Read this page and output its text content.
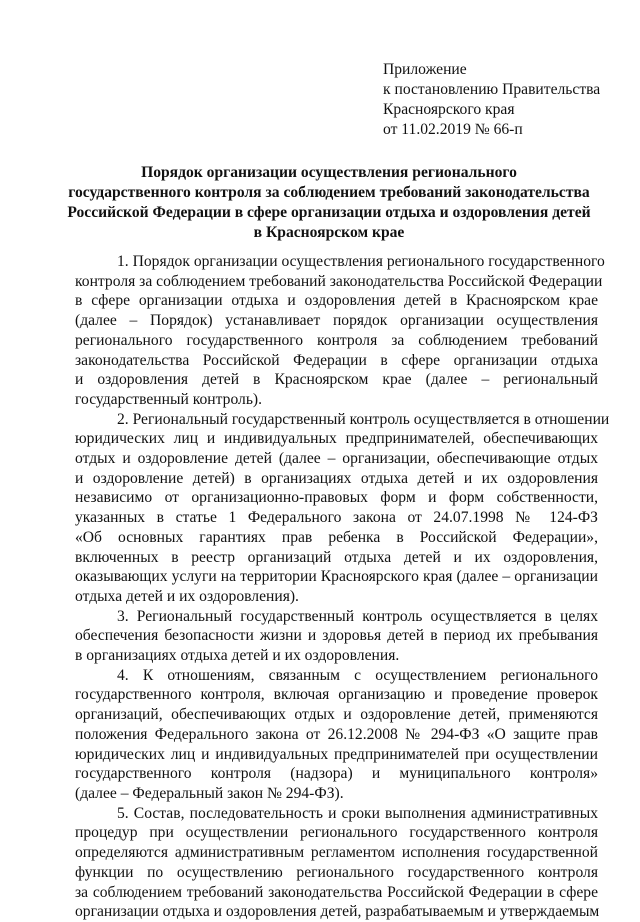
Приложение
к постановлению Правительства
Красноярского края
от 11.02.2019 № 66-п
Порядок организации осуществления регионального
государственного контроля за соблюдением требований законодательства
Российской Федерации в сфере организации отдыха и оздоровления детей
в Красноярском крае
1. Порядок организации осуществления регионального государственного
контроля за соблюдением требований законодательства Российской Федерации
в сфере организации отдыха и оздоровления детей в Красноярском крае
(далее – Порядок) устанавливает порядок организации осуществления
регионального государственного контроля за соблюдением требований
законодательства Российской Федерации в сфере организации отдыха
и оздоровления детей в Красноярском крае (далее – региональный
государственный контроль).
2. Региональный государственный контроль осуществляется в отношении
юридических лиц и индивидуальных предпринимателей, обеспечивающих
отдых и оздоровление детей (далее – организации, обеспечивающие отдых
и оздоровление детей) в организациях отдыха детей и их оздоровления
независимо от организационно-правовых форм и форм собственности,
указанных в статье 1 Федерального закона от 24.07.1998 № 124-ФЗ
«Об основных гарантиях прав ребенка в Российской Федерации»,
включенных в реестр организаций отдыха детей и их оздоровления,
оказывающих услуги на территории Красноярского края (далее – организации
отдыха детей и их оздоровления).
3. Региональный государственный контроль осуществляется в целях
обеспечения безопасности жизни и здоровья детей в период их пребывания
в организациях отдыха детей и их оздоровления.
4. К отношениям, связанным с осуществлением регионального
государственного контроля, включая организацию и проведение проверок
организаций, обеспечивающих отдых и оздоровление детей, применяются
положения Федерального закона от 26.12.2008 № 294-ФЗ «О защите прав
юридических лиц и индивидуальных предпринимателей при осуществлении
государственного контроля (надзора) и муниципального контроля»
(далее – Федеральный закон № 294-ФЗ).
5. Состав, последовательность и сроки выполнения административных
процедур при осуществлении регионального государственного контроля
определяются административным регламентом исполнения государственной
функции по осуществлению регионального государственного контроля
за соблюдением требований законодательства Российской Федерации в сфере
организации отдыха и оздоровления детей, разрабатываемым и утверждаемым
